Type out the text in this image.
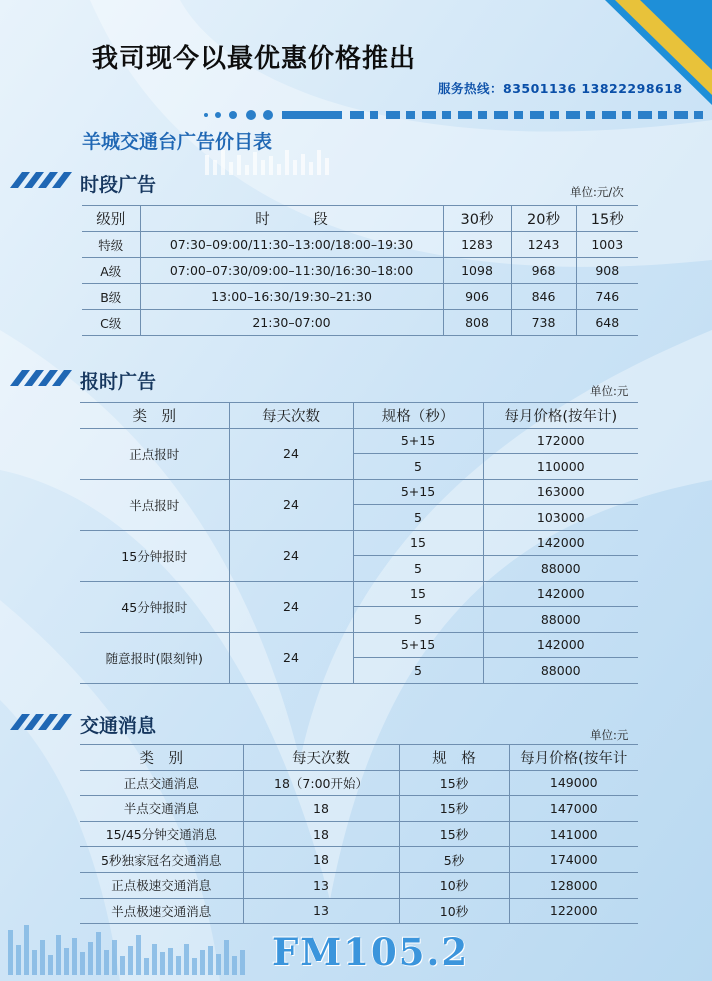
我司现今以最优惠价格推出
服务热线：83501136 13822298618
羊城交通台广告价目表
时段广告	单位:元/次
级别	时　　　段	30秒	20秒	15秒
特级	07:30–09:00/11:30–13:00/18:00–19:30	1283	1243	1003
A级	07:00–07:30/09:00–11:30/16:30–18:00	1098	968	908
B级	13:00–16:30/19:30–21:30	906	846	746
C级	21:30–07:00	808	738	648
报时广告	单位:元
类　别	每天次数	规格（秒）	每月价格(按年计)
正点报时	24	5+15	172000
		5	110000
半点报时	24	5+15	163000
		5	103000
15分钟报时	24	15	142000
		5	88000
45分钟报时	24	15	142000
		5	88000
随意报时(限刻钟)	24	5+15	142000
		5	88000
交通消息	单位:元
类　别	每天次数	规　格	每月价格(按年计
正点交通消息	18（7:00开始）	15秒	149000
半点交通消息	18	15秒	147000
15/45分钟交通消息	18	15秒	141000
5秒独家冠名交通消息	18	5秒	174000
正点极速交通消息	13	10秒	128000
半点极速交通消息	13	10秒	122000
FM105.2
